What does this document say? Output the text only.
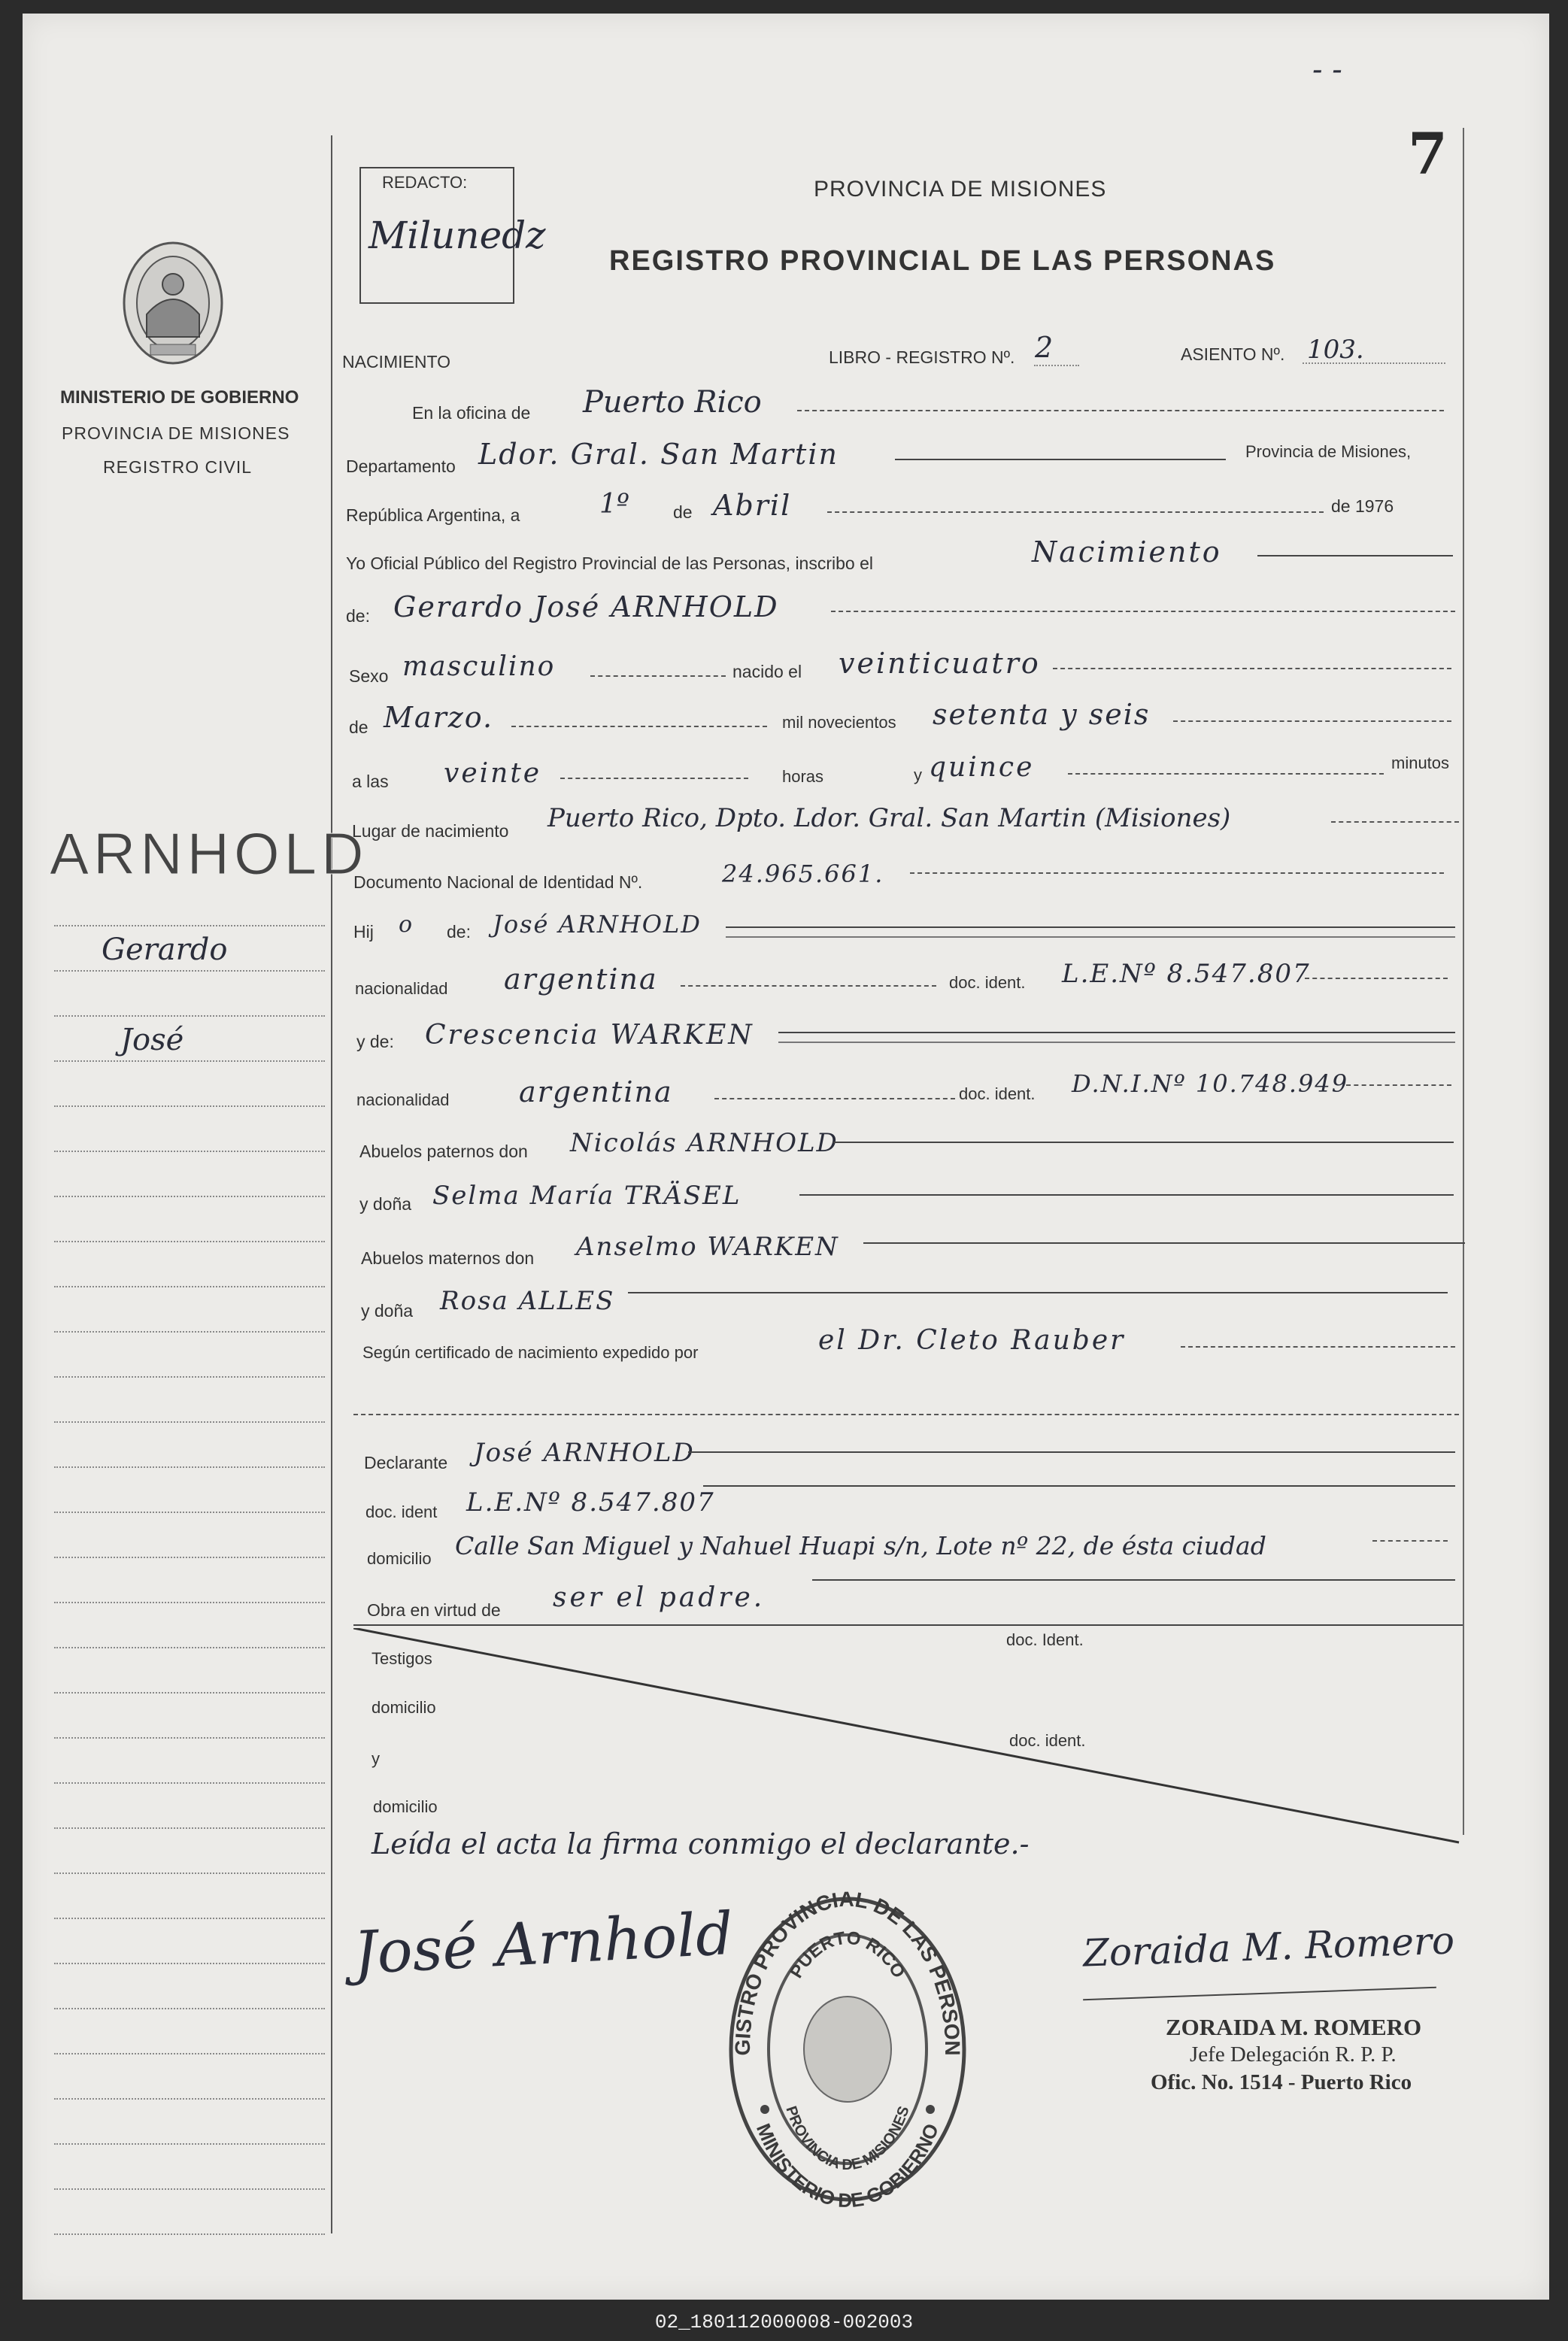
- -
7
REDACTO:
Milunedz
PROVINCIA DE MISIONES
REGISTRO PROVINCIAL DE LAS PERSONAS
MINISTERIO DE GOBIERNO
PROVINCIA DE MISIONES
REGISTRO CIVIL
ARNHOLD
Gerardo
José
NACIMIENTO	LIBRO - REGISTRO Nº. 2	ASIENTO Nº. 103.
En la oficina de Puerto Rico
Departamento Ldor. Gral. San Martin	Provincia de Misiones,
República Argentina, a	1º	de Abril	de 1976
Yo Oficial Público del Registro Provincial de las Personas, inscribo el	Nacimiento
de: Gerardo José ARNHOLD
Sexo masculino	nacido el veinticuatro
de Marzo.	mil novecientos setenta y seis
a las veinte	horas	y quince	minutos
Lugar de nacimiento Puerto Rico, Dpto. Ldor. Gral. San Martin (Misiones)
Documento Nacional de Identidad Nº.	24.965.661.
Hij o de: José ARNHOLD
nacionalidad argentina	doc. ident. L.E.Nº 8.547.807
y de: Crescencia WARKEN
nacionalidad argentina	doc. ident. D.N.I.Nº 10.748.949
Abuelos paternos don Nicolás ARNHOLD
y doña Selma María TRÄSEL
Abuelos maternos don Anselmo WARKEN
y doña Rosa ALLES
Según certificado de nacimiento expedido por	el Dr. Cleto Rauber
Declarante José ARNHOLD
doc. ident L.E.Nº 8.547.807
domicilio Calle San Miguel y Nahuel Huapi s/n, Lote nº 22, de ésta ciudad
Obra en virtud de ser el padre.
Testigos
doc. Ident.
domicilio
y
doc. ident.
domicilio
Leída el acta la firma conmigo el declarante.-
José Arnhold	Zoraida M. Romero
GISTRO PROVINCIAL DE LAS PERSON
PUERTO RICO
PROVINCIA DE MISIONES
MINISTERIO DE GOBIERNO
ZORAIDA M. ROMERO
Jefe Delegación R. P. P.
Ofic. No. 1514 - Puerto Rico
02_180112000008-002003
